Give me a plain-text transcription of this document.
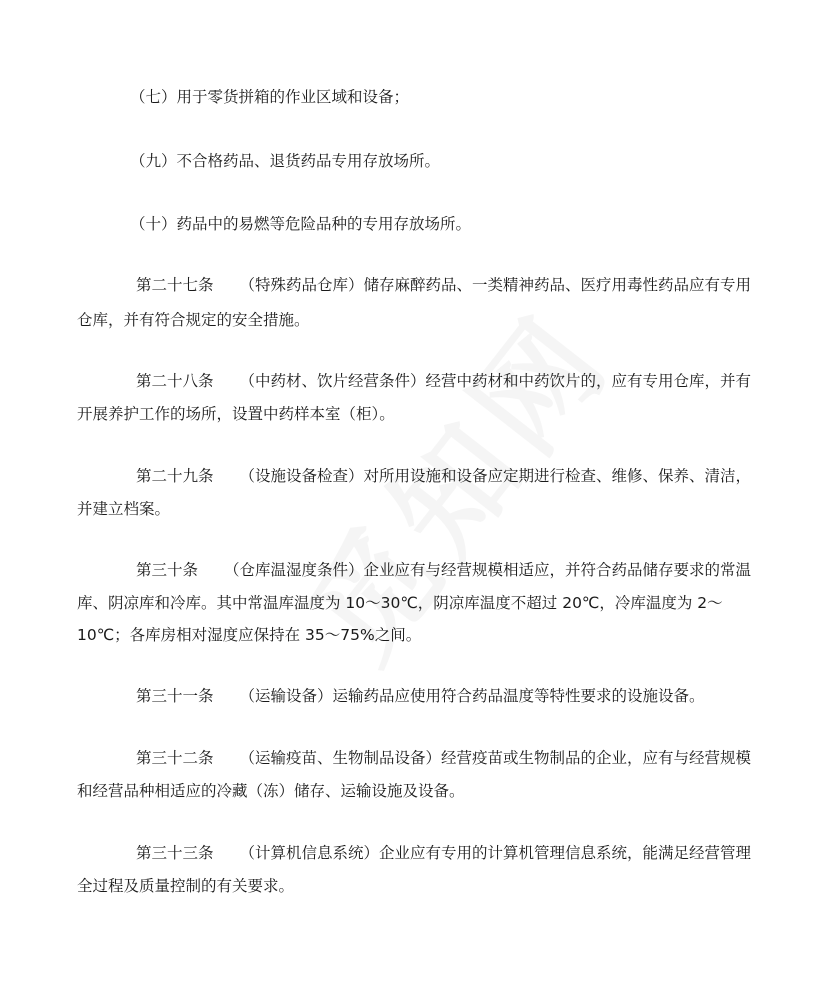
（七）用于零货拼箱的作业区域和设备；
（九）不合格药品、退货药品专用存放场所。
（十）药品中的易燃等危险品种的专用存放场所。
第二十七条 （特殊药品仓库）储存麻醉药品、一类精神药品、医疗用毒性药品应有专用
仓库，并有符合规定的安全措施。
第二十八条 （中药材、饮片经营条件）经营中药材和中药饮片的，应有专用仓库，并有
开展养护工作的场所，设置中药样本室（柜）。
第二十九条 （设施设备检查）对所用设施和设备应定期进行检查、维修、保养、清洁，
并建立档案。
第三十条 （仓库温湿度条件）企业应有与经营规模相适应，并符合药品储存要求的常温
库、阴凉库和冷库。其中常温库温度为 10～30℃，阴凉库温度不超过 20℃，冷库温度为 2～
10℃；各库房相对湿度应保持在 35～75%之间。
第三十一条 （运输设备）运输药品应使用符合药品温度等特性要求的设施设备。
第三十二条 （运输疫苗、生物制品设备）经营疫苗或生物制品的企业，应有与经营规模
和经营品种相适应的冷藏（冻）储存、运输设施及设备。
第三十三条 （计算机信息系统）企业应有专用的计算机管理信息系统，能满足经营管理
全过程及质量控制的有关要求。
